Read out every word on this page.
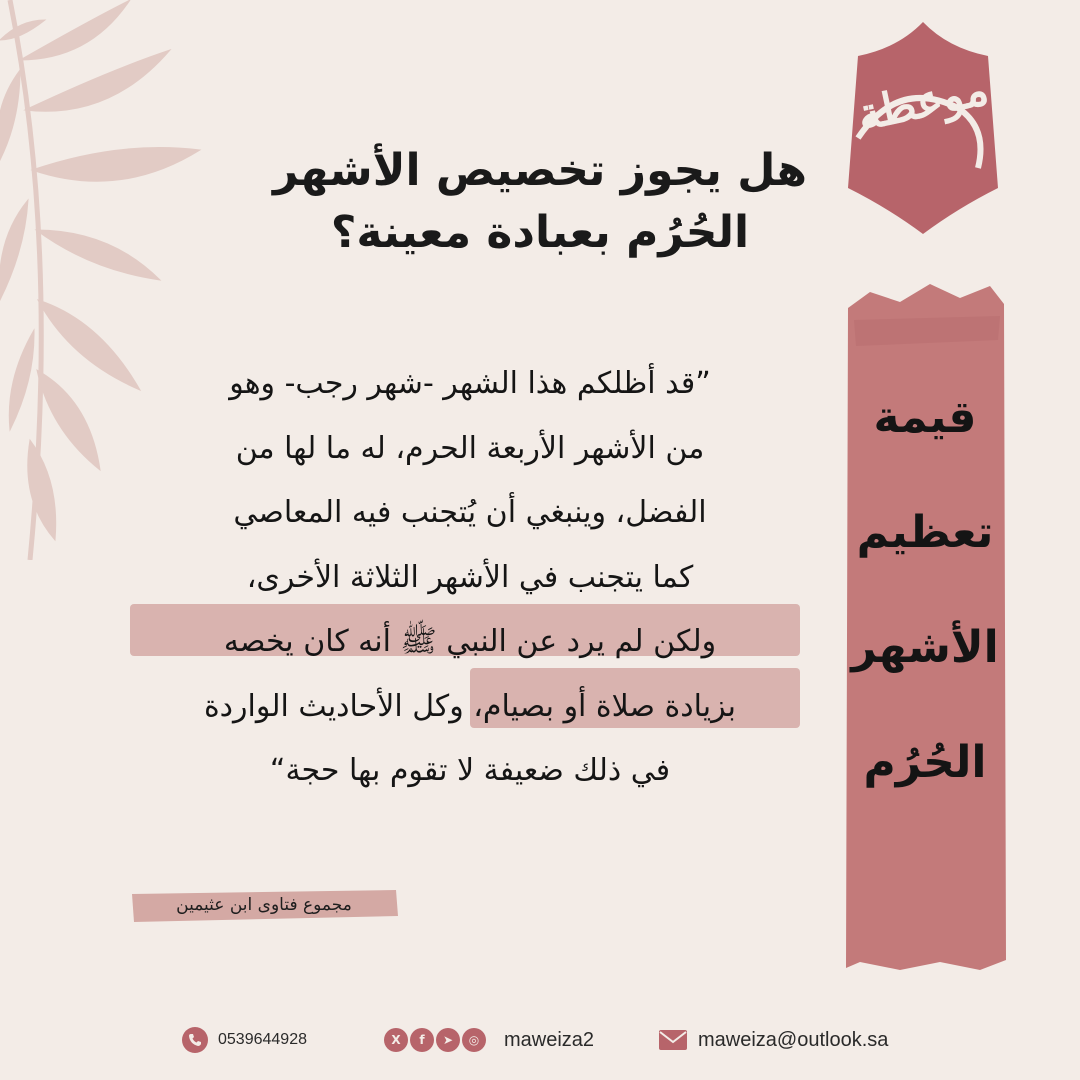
موعظة
هل يجوز تخصيص الأشهر
الحُرُم بعبادة معينة؟
”قد أظلكم هذا الشهر -شهر رجب- وهو
من الأشهر الأربعة الحرم، له ما لها من
الفضل، وينبغي أن يُتجنب فيه المعاصي
كما يتجنب في الأشهر الثلاثة الأخرى،
ولكن لم يرد عن النبي ﷺ أنه كان يخصه
بزيادة صلاة أو بصيام، وكل الأحاديث الواردة
في ذلك ضعيفة لا تقوم بها حجة“
قيمة
تعظيم
الأشهر
الحُرُم
مجموع فتاوى ابن عثيمين
0539644928	X	f	➤	◎	maweiza2	maweiza@outlook.sa
